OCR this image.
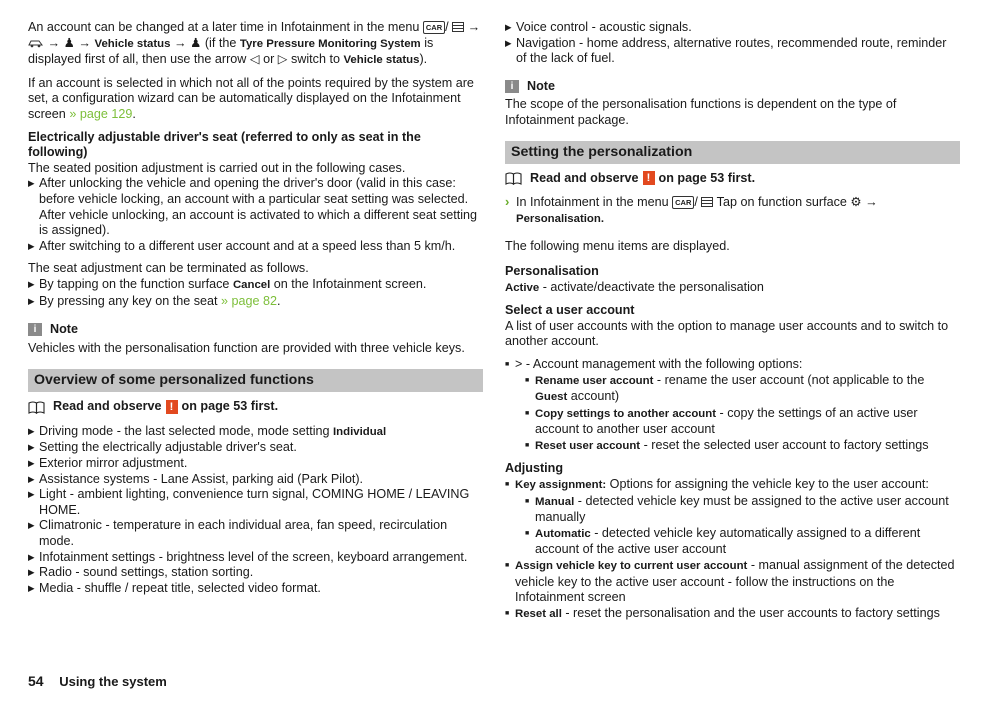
An account can be changed at a later time in Infotainment in the menu CAR / →  → ♟ → Vehicle status → ♟ (if the Tyre Pressure Monitoring System is displayed first of all, then use the arrow ◁ or ▷ switch to Vehicle status).

If an account is selected in which not all of the points required by the system are set, a configuration wizard can be automatically displayed on the Infotainment screen » page 129.

Electrically adjustable driver's seat (referred to only as seat in the following)

The seated position adjustment is carried out in the following cases.

▶ After unlocking the vehicle and opening the driver's door (valid in this case: before vehicle locking, an account with a particular seat setting was selected. After vehicle unlocking, an account is activated to which a different seat setting is assigned).
▶ After switching to a different user account and at a speed less than 5 km/h.

The seat adjustment can be terminated as follows.

▶ By tapping on the function surface Cancel on the Infotainment screen.
▶ By pressing any key on the seat » page 82.
i	Note

Vehicles with the personalisation function are provided with three vehicle keys.

Overview of some personalized functions
Read and observe ! on page 53 first.
▶ Driving mode - the last selected mode, mode setting Individual
▶ Setting the electrically adjustable driver's seat.
▶ Exterior mirror adjustment.
▶ Assistance systems - Lane Assist, parking aid (Park Pilot).
▶ Light - ambient lighting, convenience turn signal, COMING HOME / LEAVING HOME.
▶ Climatronic - temperature in each individual area, fan speed, recirculation mode.
▶ Infotainment settings - brightness level of the screen, keyboard arrangement.
▶ Radio - sound settings, station sorting.
▶ Media - shuffle / repeat title, selected video format.
▶ Voice control - acoustic signals.
▶ Navigation - home address, alternative routes, recommended route, reminder of the lack of fuel.
i	Note

The scope of the personalisation functions is dependent on the type of Infotainment package.

Setting the personalization
Read and observe ! on page 53 first.
› In Infotainment in the menu CAR / Tap on function surface ⚙ → Personalisation.

The following menu items are displayed.

Personalisation

Active - activate/deactivate the personalisation

Select a user account

A list of user accounts with the option to manage user accounts and to switch to another account.

■ > - Account management with the following options:
■ Rename user account - rename the user account (not applicable to the Guest account)
■ Copy settings to another account - copy the settings of an active user account to another user account
■ Reset user account - reset the selected user account to factory settings

Adjusting

■ Key assignment: Options for assigning the vehicle key to the user account:
■ Manual - detected vehicle key must be assigned to the active user account manually
■ Automatic - detected vehicle key automatically assigned to a different account of the active user account
■ Assign vehicle key to current user account - manual assignment of the detected vehicle key to the active user account - follow the instructions on the Infotainment screen
■ Reset all - reset the personalisation and the user accounts to factory settings
54 Using the system
